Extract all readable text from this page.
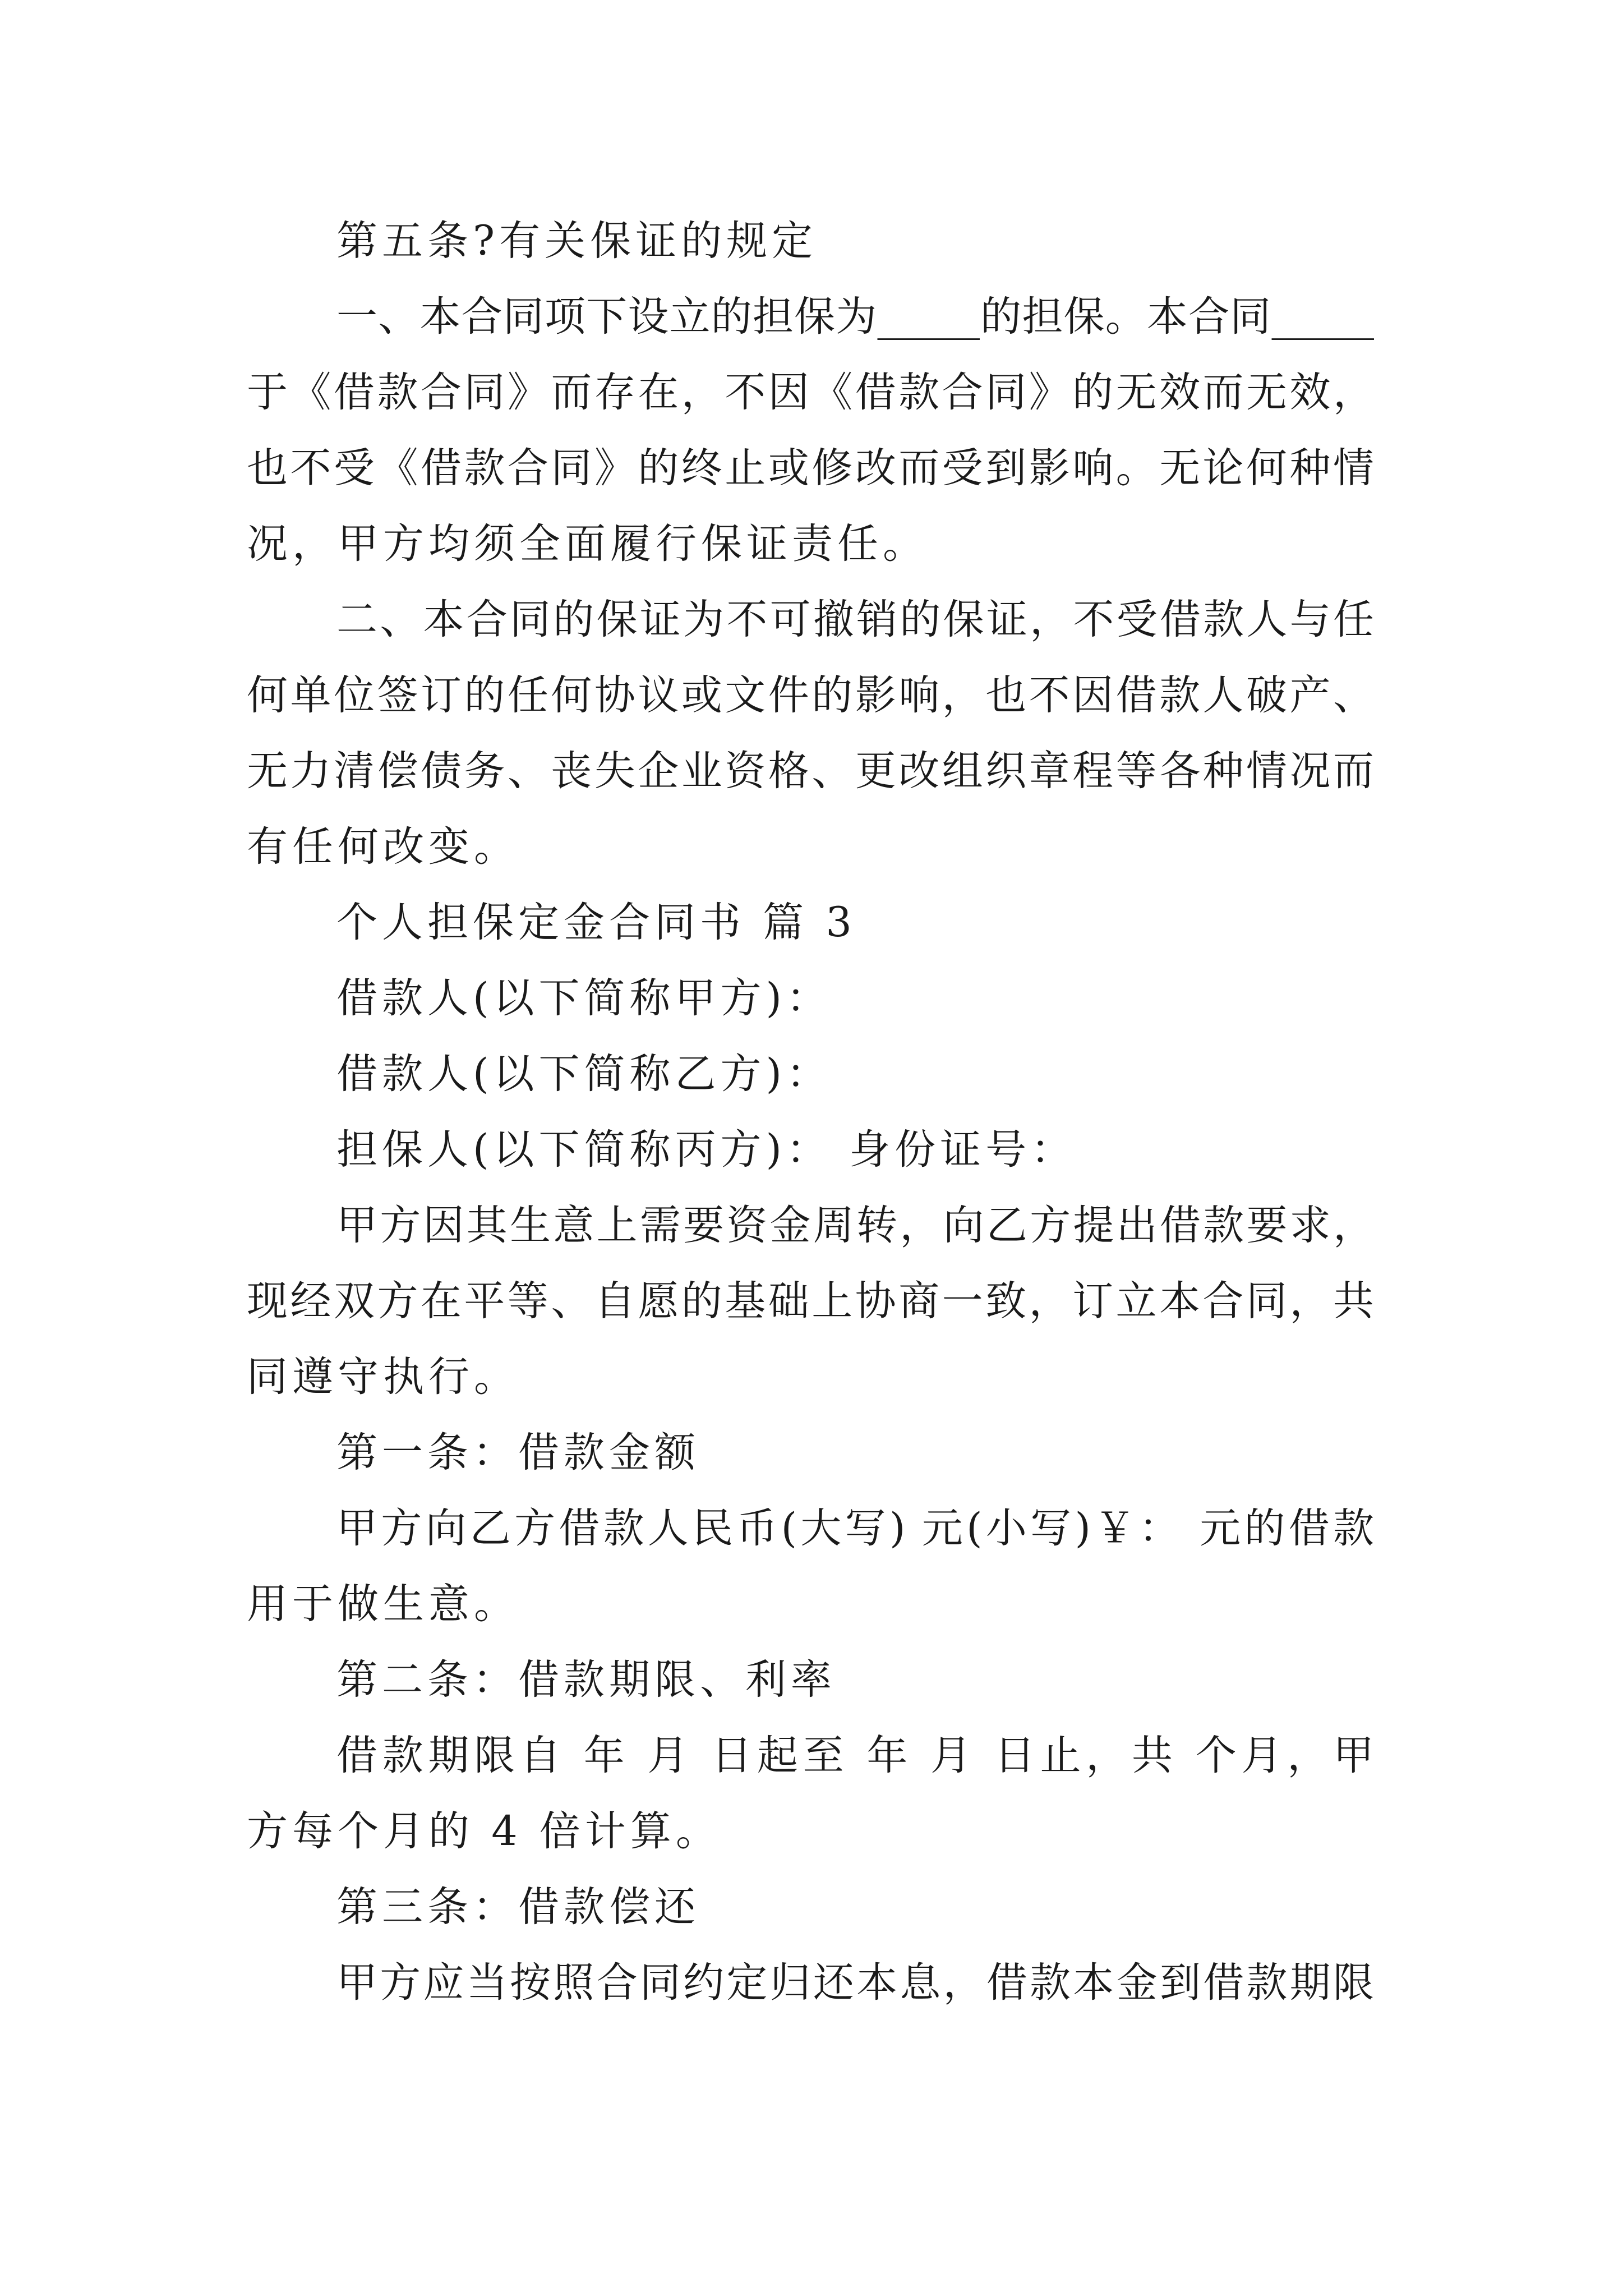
第五条?有关保证的规定
一、本合同项下设立的担保为_____的担保。本合同_____
于《借款合同》而存在，不因《借款合同》的无效而无效，
也不受《借款合同》的终止或修改而受到影响。无论何种情
况，甲方均须全面履行保证责任。
二、本合同的保证为不可撤销的保证，不受借款人与任
何单位签订的任何协议或文件的影响，也不因借款人破产、
无力清偿债务、丧失企业资格、更改组织章程等各种情况而
有任何改变。
个人担保定金合同书 篇 3
借款人(以下简称甲方)：
借款人(以下简称乙方)：
担保人(以下简称丙方)： 身份证号：
甲方因其生意上需要资金周转，向乙方提出借款要求，
现经双方在平等、自愿的基础上协商一致，订立本合同，共
同遵守执行。
第一条：借款金额
甲方向乙方借款人民币(大写) 元(小写)￥： 元的借款
用于做生意。
第二条：借款期限、利率
借款期限自 年 月 日起至 年 月 日止，共 个月，甲
方每个月的 4 倍计算。
第三条：借款偿还
甲方应当按照合同约定归还本息，借款本金到借款期限
